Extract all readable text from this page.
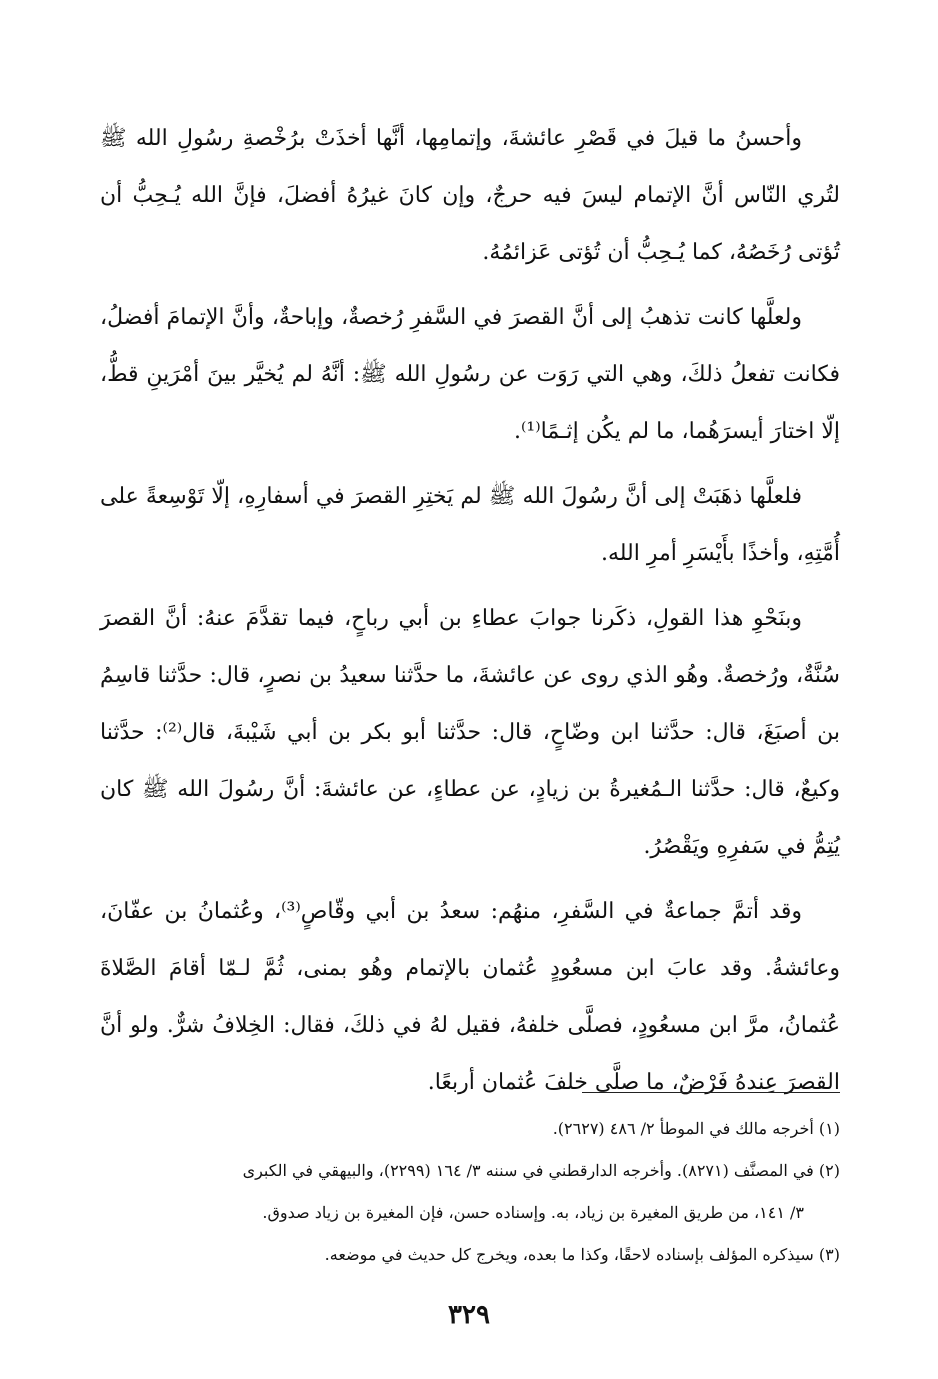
وأحسنُ ما قيلَ في قَصْرِ عائشةَ، وإتمامِها، أنَّها أخذَتْ برُخْصةِ رسُولِ الله ﷺ لتُري النّاس أنَّ الإتمام ليسَ فيه حرجٌ، وإن كانَ غيرُهُ أفضلَ، فإنَّ الله يُـحِبُّ أن تُؤتى رُخَصُهُ، كما يُـحِبُّ أن تُؤتى عَزائمُهُ.

ولعلَّها كانت تذهبُ إلى أنَّ القصرَ في السَّفرِ رُخصةٌ، وإباحةٌ، وأنَّ الإتمامَ أفضلُ، فكانت تفعلُ ذلكَ، وهي التي رَوَت عن رسُولِ الله ﷺ: أنَّهُ لم يُخيَّر بينَ أمْرَينِ قطُّ، إلّا اختارَ أيسرَهُما، ما لم يكُن إثـمًا⁽¹⁾.

فلعلَّها ذهَبَتْ إلى أنَّ رسُولَ الله ﷺ لم يَختِرِ القصرَ في أسفارِهِ، إلّا تَوْسِعةً على أُمَّتِهِ، وأخذًا بأَيْسَرِ أمرِ الله.

وبنَحْوِ هذا القولِ، ذكَرنا جوابَ عطاءِ بن أبي رباحٍ، فيما تقدَّمَ عنهُ: أنَّ القصرَ سُنَّةٌ، ورُخصةٌ. وهُو الذي روى عن عائشةَ، ما حدَّثنا سعيدُ بن نصرٍ، قال: حدَّثنا قاسِمُ بن أصبَغَ، قال: حدَّثنا ابن وضّاحٍ، قال: حدَّثنا أبو بكر بن أبي شَيْبةَ، قال⁽²⁾: حدَّثنا وكيعٌ، قال: حدَّثنا الـمُغيرةُ بن زيادٍ، عن عطاءٍ، عن عائشةَ: أنَّ رسُولَ الله ﷺ كان يُتِمُّ في سَفرِهِ ويَقْصُرُ.

وقد أتمَّ جماعةٌ في السَّفرِ، منهُم: سعدُ بن أبي وقّاصٍ⁽³⁾، وعُثمانُ بن عفّانَ، وعائشةُ. وقد عابَ ابن مسعُودٍ عُثمان بالإتمام وهُو بمنى، ثُمَّ لـمّا أقامَ الصَّلاةَ عُثمانُ، مرَّ ابن مسعُودٍ، فصلَّى خلفهُ، فقيل لهُ في ذلكَ، فقال: الخِلافُ شرٌّ. ولو أنَّ القصرَ عِندهُ فَرْضٌ، ما صلَّى خلفَ عُثمان أربعًا.

(١) أخرجه مالك في الموطأ ٢/ ٤٨٦ (٢٦٢٧).

(٢) في المصنَّف (٨٢٧١). وأخرجه الدارقطني في سننه ٣/ ١٦٤ (٢٢٩٩)، والبيهقي في الكبرى

٣/ ١٤١، من طريق المغيرة بن زياد، به. وإسناده حسن، فإن المغيرة بن زياد صدوق.

(٣) سيذكره المؤلف بإسناده لاحقًا، وكذا ما بعده، ويخرج كل حديث في موضعه.

٣٢٩
